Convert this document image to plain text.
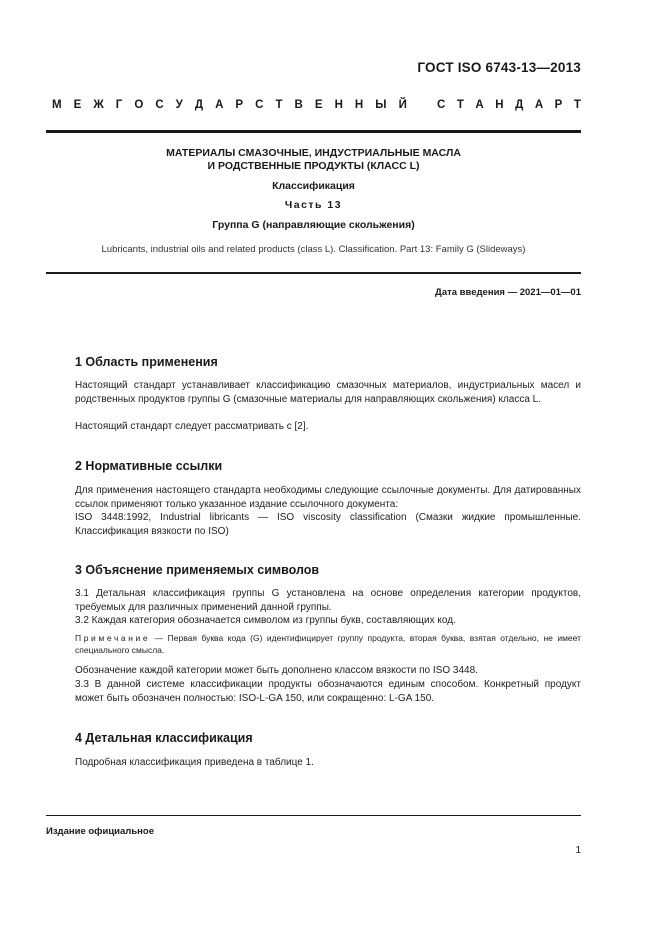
ГОСТ ISO 6743-13—2013
М Е Ж Г О С У Д А Р С Т В Е Н Н Ы Й	С Т А Н Д А Р Т
МАТЕРИАЛЫ СМАЗОЧНЫЕ, ИНДУСТРИАЛЬНЫЕ МАСЛА
И РОДСТВЕННЫЕ ПРОДУКТЫ (КЛАСС L)
Классификация
Часть 13
Группа G (направляющие скольжения)
Lubricants, industrial oils and related products (class L). Classification. Part 13: Family G (Slideways)
Дата введения — 2021—01—01
1 Область применения
Настоящий стандарт устанавливает классификацию смазочных материалов, индустриальных масел и родственных продуктов группы G (смазочные материалы для направляющих скольжения) класса L.
Настоящий стандарт следует рассматривать с [2].
2 Нормативные ссылки
Для применения настоящего стандарта необходимы следующие ссылочные документы. Для датированных ссылок применяют только указанное издание ссылочного документа:
ISO 3448:1992, Industrial libricants — ISO viscosity classification (Смазки жидкие промышленные. Классификация вязкости по ISO)
3 Объяснение применяемых символов
3.1 Детальная классификация группы G установлена на основе определения категории продуктов, требуемых для различных применений данной группы.
3.2 Каждая категория обозначается символом из группы букв, составляющих код.
Примечание — Первая буква кода (G) идентифицирует группу продукта, вторая буква, взятая отдельно, не имеет специального смысла.
Обозначение каждой категории может быть дополнено классом вязкости по ISO 3448.
3.3 В данной системе классификации продукты обозначаются единым способом. Конкретный продукт может быть обозначен полностью: ISO-L-GA 150, или сокращенно: L-GA 150.
4 Детальная классификация
Подробная классификация приведена в таблице 1.
Издание официальное
1
